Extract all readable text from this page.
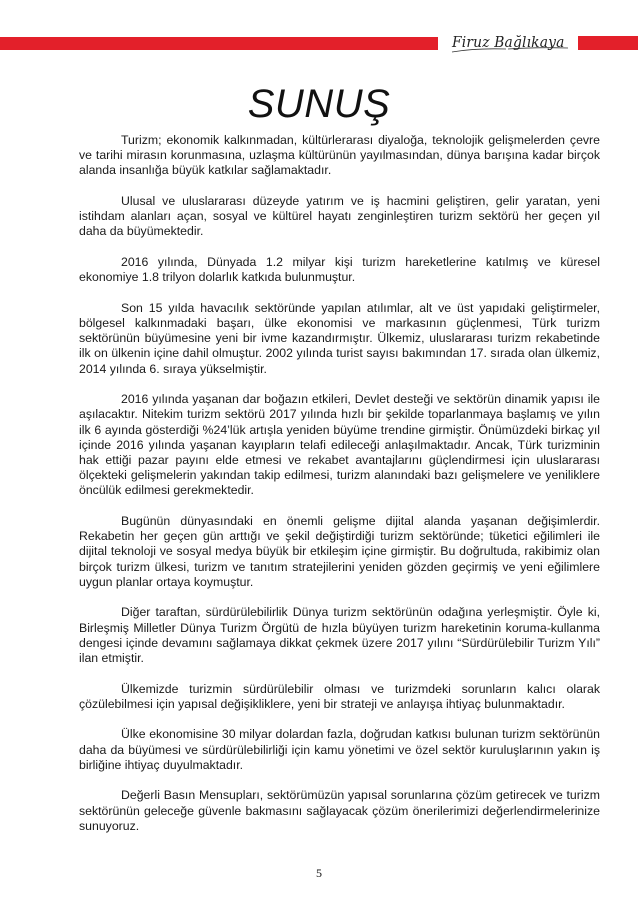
Firuz Bağlıkaya
SUNUŞ

Turizm; ekonomik kalkınmadan, kültürlerarası diyaloğa, teknolojik gelişmelerden çevre ve tarihi mirasın korunmasına, uzlaşma kültürünün yayılmasından, dünya barışına kadar birçok alanda insanlığa büyük katkılar sağlamaktadır.

Ulusal ve uluslararası düzeyde yatırım ve iş hacmini geliştiren, gelir yaratan, yeni istihdam alanları açan, sosyal ve kültürel hayatı zenginleştiren turizm sektörü her geçen yıl daha da büyümektedir.

2016 yılında, Dünyada 1.2 milyar kişi turizm hareketlerine katılmış ve küresel ekonomiye 1.8 trilyon dolarlık katkıda bulunmuştur.

Son 15 yılda havacılık sektöründe yapılan atılımlar, alt ve üst yapıdaki geliştirmeler, bölgesel kalkınmadaki başarı, ülke ekonomisi ve markasının güçlenmesi, Türk turizm sektörünün büyümesine yeni bir ivme kazandırmıştır. Ülkemiz, uluslararası turizm rekabetinde ilk on ülkenin içine dahil olmuştur. 2002 yılında turist sayısı bakımından 17. sırada olan ülkemiz, 2014 yılında 6. sıraya yükselmiştir.

2016 yılında yaşanan dar boğazın etkileri, Devlet desteği ve sektörün dinamik yapısı ile aşılacaktır. Nitekim turizm sektörü 2017 yılında hızlı bir şekilde toparlanmaya başlamış ve yılın ilk 6 ayında gösterdiği %24’lük artışla yeniden büyüme trendine girmiştir. Önümüzdeki birkaç yıl içinde 2016 yılında yaşanan kayıpların telafi edileceği anlaşılmaktadır. Ancak, Türk turizminin hak ettiği pazar payını elde etmesi ve rekabet avantajlarını güçlendirmesi için uluslararası ölçekteki gelişmelerin yakından takip edilmesi, turizm alanındaki bazı gelişmelere ve yeniliklere öncülük edilmesi gerekmektedir.

Bugünün dünyasındaki en önemli gelişme dijital alanda yaşanan değişimlerdir. Rekabetin her geçen gün arttığı ve şekil değiştirdiği turizm sektöründe; tüketici eğilimleri ile dijital teknoloji ve sosyal medya büyük bir etkileşim içine girmiştir. Bu doğrultuda, rakibimiz olan birçok turizm ülkesi, turizm ve tanıtım stratejilerini yeniden gözden geçirmiş ve yeni eğilimlere uygun planlar ortaya koymuştur.

Diğer taraftan, sürdürülebilirlik Dünya turizm sektörünün odağına yerleşmiştir. Öyle ki, Birleşmiş Milletler Dünya Turizm Örgütü de hızla büyüyen turizm hareketinin koruma-kullanma dengesi içinde devamını sağlamaya dikkat çekmek üzere 2017 yılını “Sürdürülebilir Turizm Yılı” ilan etmiştir.

Ülkemizde turizmin sürdürülebilir olması ve turizmdeki sorunların kalıcı olarak çözülebilmesi için yapısal değişikliklere, yeni bir strateji ve anlayışa ihtiyaç bulunmaktadır.

Ülke ekonomisine 30 milyar dolardan fazla, doğrudan katkısı bulunan turizm sektörünün daha da büyümesi ve sürdürülebilirliği için kamu yönetimi ve özel sektör kuruluşlarının yakın iş birliğine ihtiyaç duyulmaktadır.

Değerli Basın Mensupları, sektörümüzün yapısal sorunlarına çözüm getirecek ve turizm sektörünün geleceğe güvenle bakmasını sağlayacak çözüm önerilerimizi değerlendirmelerinize sunuyoruz.

5
